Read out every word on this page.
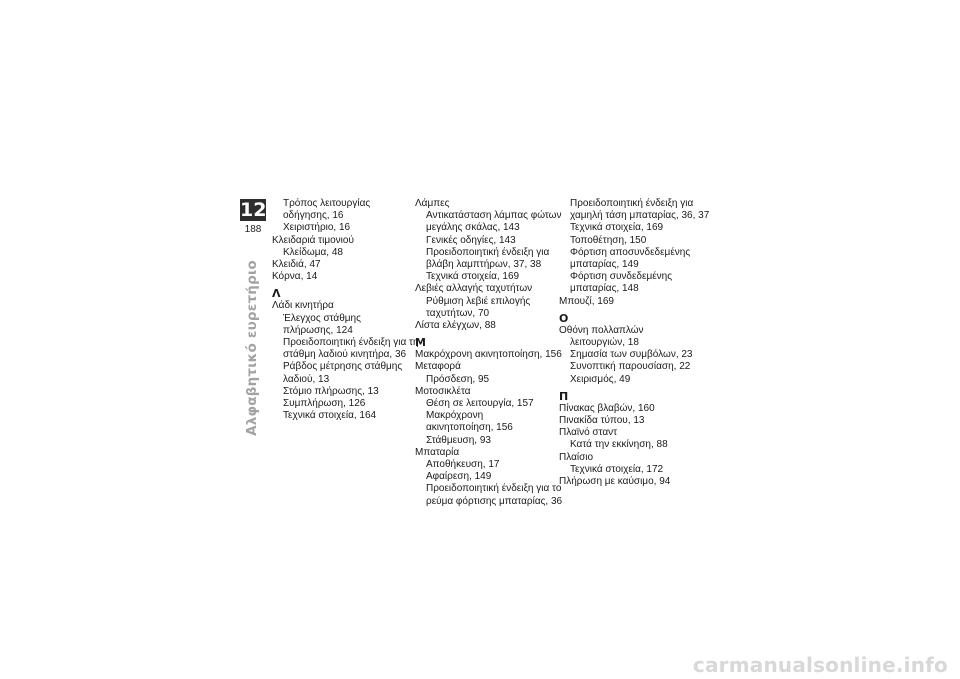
12
188
Αλφαβητικό ευρετήριο
Τρόπος λειτουργίας
οδήγησης, 16
Χειριστήριο, 16
Κλειδαριά τιμονιού
Κλείδωμα, 48
Κλειδιά, 47
Κόρνα, 14
Λ
Λάδι κινητήρα
Έλεγχος στάθμης
πλήρωσης, 124
Προειδοποιητική ένδειξη για τη
στάθμη λαδιού κινητήρα, 36
Ράβδος μέτρησης στάθμης
λαδιού, 13
Στόμιο πλήρωσης, 13
Συμπλήρωση, 126
Τεχνικά στοιχεία, 164
Λάμπες
Αντικατάσταση λάμπας φώτων
μεγάλης σκάλας, 143
Γενικές οδηγίες, 143
Προειδοποιητική ένδειξη για
βλάβη λαμπτήρων, 37, 38
Τεχνικά στοιχεία, 169
Λεβιές αλλαγής ταχυτήτων
Ρύθμιση λεβιέ επιλογής
ταχυτήτων, 70
Λίστα ελέγχων, 88
Μ
Μακρόχρονη ακινητοποίηση, 156
Μεταφορά
Πρόσδεση, 95
Μοτοσικλέτα
Θέση σε λειτουργία, 157
Μακρόχρονη
ακινητοποίηση, 156
Στάθμευση, 93
Μπαταρία
Αποθήκευση, 17
Αφαίρεση, 149
Προειδοποιητική ένδειξη για το
ρεύμα φόρτισης μπαταρίας, 36
Προειδοποιητική ένδειξη για
χαμηλή τάση μπαταρίας, 36, 37
Τεχνικά στοιχεία, 169
Τοποθέτηση, 150
Φόρτιση αποσυνδεδεμένης
μπαταρίας, 149
Φόρτιση συνδεδεμένης
μπαταρίας, 148
Μπουζί, 169
Ο
Οθόνη πολλαπλών
λειτουργιών, 18
Σημασία των συμβόλων, 23
Συνοπτική παρουσίαση, 22
Χειρισμός, 49
Π
Πίνακας βλαβών, 160
Πινακίδα τύπου, 13
Πλαϊνό σταντ
Κατά την εκκίνηση, 88
Πλαίσιο
Τεχνικά στοιχεία, 172
Πλήρωση με καύσιμο, 94
carmanualsonline.info
